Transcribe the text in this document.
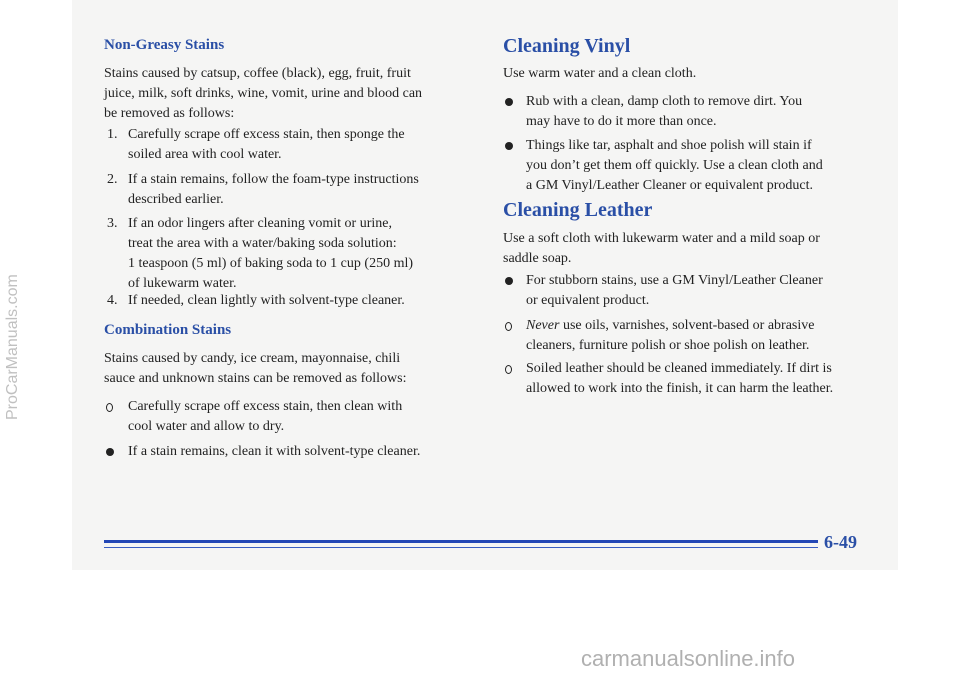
Non-Greasy Stains
Stains caused by catsup, coffee (black), egg, fruit, fruit
juice, milk, soft drinks, wine, vomit, urine and blood can
be removed as follows:
1. Carefully scrape off excess stain, then sponge the
soiled area with cool water.
2. If a stain remains, follow the foam-type instructions
described earlier.
3. If an odor lingers after cleaning vomit or urine,
treat the area with a water/baking soda solution:
1 teaspoon (5 ml) of baking soda to 1 cup (250 ml)
of lukewarm water.
4. If needed, clean lightly with solvent-type cleaner.
Combination Stains
Stains caused by candy, ice cream, mayonnaise, chili
sauce and unknown stains can be removed as follows:
Carefully scrape off excess stain, then clean with
cool water and allow to dry.
If a stain remains, clean it with solvent-type cleaner.
Cleaning Vinyl
Use warm water and a clean cloth.
Rub with a clean, damp cloth to remove dirt. You
may have to do it more than once.
Things like tar, asphalt and shoe polish will stain if
you don’t get them off quickly. Use a clean cloth and
a GM Vinyl/Leather Cleaner or equivalent product.
Cleaning Leather
Use a soft cloth with lukewarm water and a mild soap or
saddle soap.
For stubborn stains, use a GM Vinyl/Leather Cleaner
or equivalent product.
Never use oils, varnishes, solvent-based or abrasive
cleaners, furniture polish or shoe polish on leather.
Soiled leather should be cleaned immediately. If dirt is
allowed to work into the finish, it can harm the leather.
6-49
ProCarManuals.com
carmanualsonline.info
